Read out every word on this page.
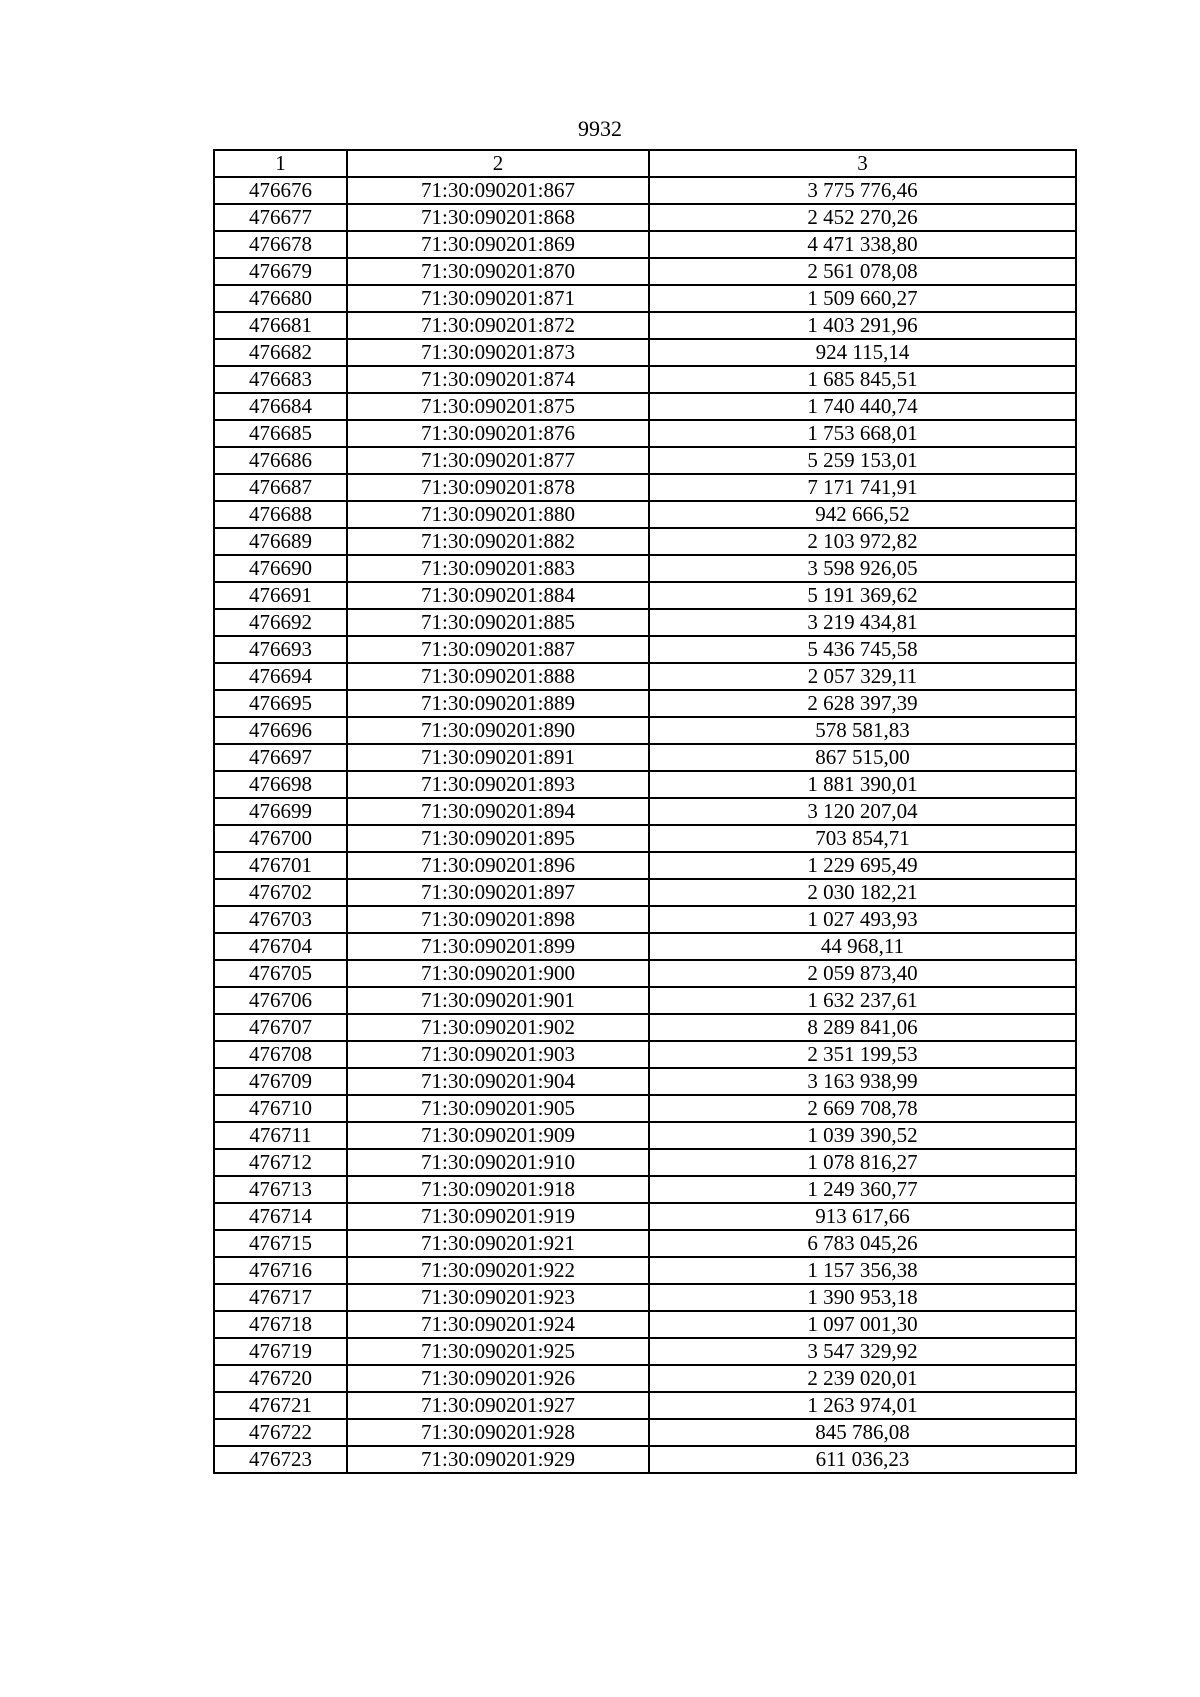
9932
1	2	3
476676	71:30:090201:867	3 775 776,46
476677	71:30:090201:868	2 452 270,26
476678	71:30:090201:869	4 471 338,80
476679	71:30:090201:870	2 561 078,08
476680	71:30:090201:871	1 509 660,27
476681	71:30:090201:872	1 403 291,96
476682	71:30:090201:873	924 115,14
476683	71:30:090201:874	1 685 845,51
476684	71:30:090201:875	1 740 440,74
476685	71:30:090201:876	1 753 668,01
476686	71:30:090201:877	5 259 153,01
476687	71:30:090201:878	7 171 741,91
476688	71:30:090201:880	942 666,52
476689	71:30:090201:882	2 103 972,82
476690	71:30:090201:883	3 598 926,05
476691	71:30:090201:884	5 191 369,62
476692	71:30:090201:885	3 219 434,81
476693	71:30:090201:887	5 436 745,58
476694	71:30:090201:888	2 057 329,11
476695	71:30:090201:889	2 628 397,39
476696	71:30:090201:890	578 581,83
476697	71:30:090201:891	867 515,00
476698	71:30:090201:893	1 881 390,01
476699	71:30:090201:894	3 120 207,04
476700	71:30:090201:895	703 854,71
476701	71:30:090201:896	1 229 695,49
476702	71:30:090201:897	2 030 182,21
476703	71:30:090201:898	1 027 493,93
476704	71:30:090201:899	44 968,11
476705	71:30:090201:900	2 059 873,40
476706	71:30:090201:901	1 632 237,61
476707	71:30:090201:902	8 289 841,06
476708	71:30:090201:903	2 351 199,53
476709	71:30:090201:904	3 163 938,99
476710	71:30:090201:905	2 669 708,78
476711	71:30:090201:909	1 039 390,52
476712	71:30:090201:910	1 078 816,27
476713	71:30:090201:918	1 249 360,77
476714	71:30:090201:919	913 617,66
476715	71:30:090201:921	6 783 045,26
476716	71:30:090201:922	1 157 356,38
476717	71:30:090201:923	1 390 953,18
476718	71:30:090201:924	1 097 001,30
476719	71:30:090201:925	3 547 329,92
476720	71:30:090201:926	2 239 020,01
476721	71:30:090201:927	1 263 974,01
476722	71:30:090201:928	845 786,08
476723	71:30:090201:929	611 036,23
